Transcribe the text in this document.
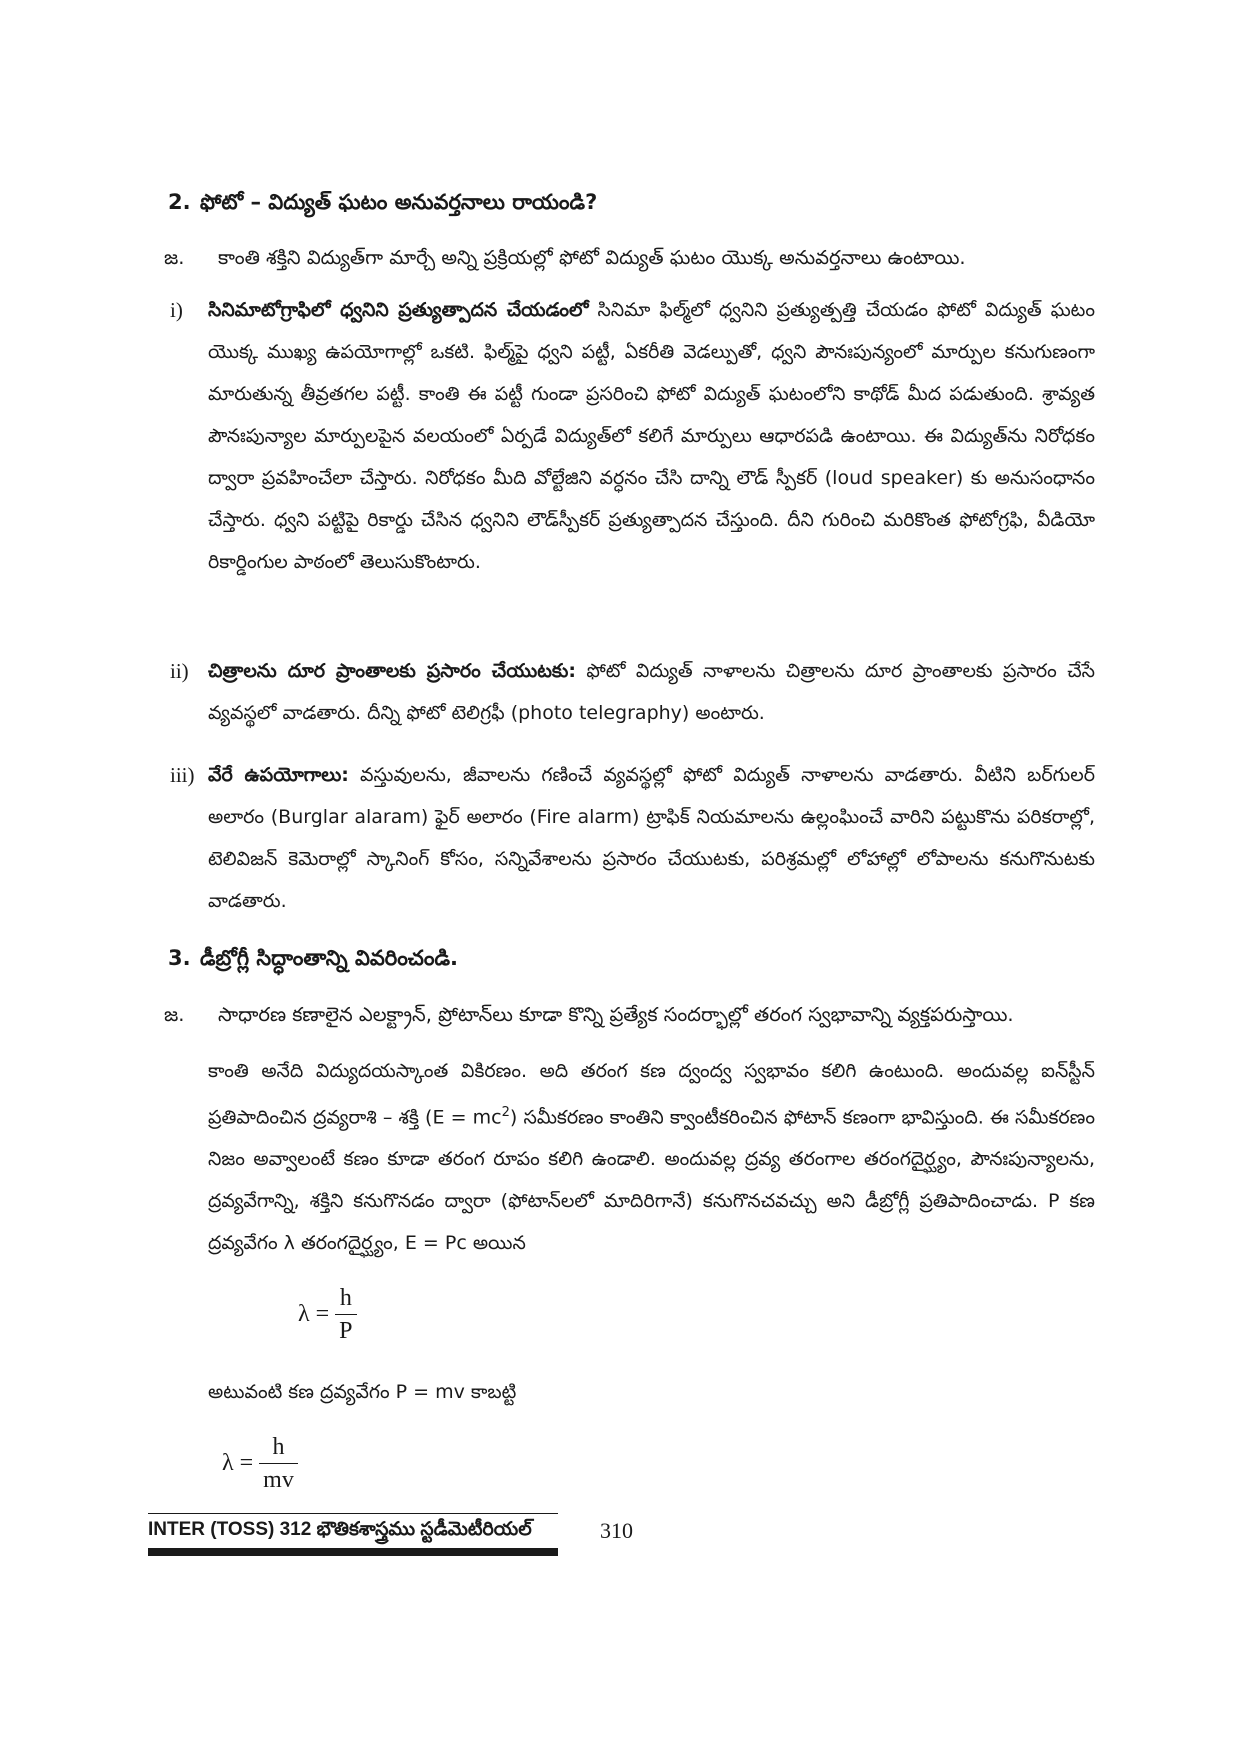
2. ఫోటో – విద్యుత్ ఘటం అనువర్తనాలు రాయండి?
జ. కాంతి శక్తిని విద్యుత్‌గా మార్చే అన్ని ప్రక్రియల్లో ఫోటో విద్యుత్ ఘటం యొక్క అనువర్తనాలు ఉంటాయి.
i) సినిమాటోగ్రాఫిలో ధ్వనిని ప్రత్యుత్పాదన చేయడంలో సినిమా ఫిల్మ్‌లో ధ్వనిని ప్రత్యుత్పత్తి చేయడం ఫోటో విద్యుత్ ఘటం యొక్క ముఖ్య ఉపయోగాల్లో ఒకటి. ఫిల్మ్‌పై ధ్వని పట్టీ, ఏకరీతి వెడల్పుతో, ధ్వని పౌనఃపున్యంలో మార్పుల కనుగుణంగా మారుతున్న తీవ్రతగల పట్టీ. కాంతి ఈ పట్టీ గుండా ప్రసరించి ఫోటో విద్యుత్ ఘటంలోని కాథోడ్ మీద పడుతుంది. శ్రావ్యత పౌనఃపున్యాల మార్పులపైన వలయంలో ఏర్పడే విద్యుత్‌లో కలిగే మార్పులు ఆధారపడి ఉంటాయి. ఈ విద్యుత్‌ను నిరోధకం ద్వారా ప్రవహించేలా చేస్తారు. నిరోధకం మీది వోల్టేజిని వర్ధనం చేసి దాన్ని లౌడ్ స్పీకర్ (loud speaker) కు అనుసంధానం చేస్తారు. ధ్వని పట్టిపై రికార్డు చేసిన ధ్వనిని లౌడ్‌స్పీకర్ ప్రత్యుత్పాదన చేస్తుంది. దీని గురించి మరికొంత ఫోటోగ్రఫి, వీడియో రికార్డింగుల పాఠంలో తెలుసుకొంటారు.
ii) చిత్రాలను దూర ప్రాంతాలకు ప్రసారం చేయుటకు: ఫోటో విద్యుత్ నాళాలను చిత్రాలను దూర ప్రాంతాలకు ప్రసారం చేసే వ్యవస్థలో వాడతారు. దీన్ని ఫోటో టెలిగ్రఫీ (photo telegraphy) అంటారు.
iii) వేరే ఉపయోగాలు: వస్తువులను, జీవాలను గణించే వ్యవస్థల్లో ఫోటో విద్యుత్ నాళాలను వాడతారు. వీటిని బర్‌గులర్ అలారం (Burglar alaram) ఫైర్ అలారం (Fire alarm) ట్రాఫిక్ నియమాలను ఉల్లంఘించే వారిని పట్టుకొను పరికరాల్లో, టెలివిజన్ కెమెరాల్లో స్కానింగ్ కోసం, సన్నివేశాలను ప్రసారం చేయుటకు, పరిశ్రమల్లో లోహాల్లో లోపాలను కనుగొనుటకు వాడతారు.
3. డీబ్రోగ్లీ సిద్ధాంతాన్ని వివరించండి.
జ. సాధారణ కణాలైన ఎలక్ట్రాన్, ప్రోటాన్‌లు కూడా కొన్ని ప్రత్యేక సందర్భాల్లో తరంగ స్వభావాన్ని వ్యక్తపరుస్తాయి.
కాంతి అనేది విద్యుదయస్కాంత వికిరణం. అది తరంగ కణ ద్వంద్వ స్వభావం కలిగి ఉంటుంది. అందువల్ల ఐన్‌స్టీన్ ప్రతిపాదించిన ద్రవ్యరాశి – శక్తి $(E = mc^2)$ సమీకరణం కాంతిని క్వాంటీకరించిన ఫోటాన్ కణంగా భావిస్తుంది. ఈ సమీకరణం నిజం అవ్వాలంటే కణం కూడా తరంగ రూపం కలిగి ఉండాలి. అందువల్ల ద్రవ్య తరంగాల తరంగదైర్ఘ్యం, పౌనఃపున్యాలను, ద్రవ్యవేగాన్ని, శక్తిని కనుగొనడం ద్వారా (ఫోటాన్‌లలో మాదిరిగానే) కనుగొనచవచ్చు అని డీబ్రోగ్లీ ప్రతిపాదించాడు. P కణ ద్రవ్యవేగం λ తరంగదైర్ఘ్యం, E = Pc అయిన
$\lambda = \frac{h}{P}$
అటువంటి కణ ద్రవ్యవేగం P = mv కాబట్టి
$\lambda = \frac{h}{mv}$
INTER (TOSS) 312 భౌతికశాస్త్రము స్టడీమెటీరియల్	310
